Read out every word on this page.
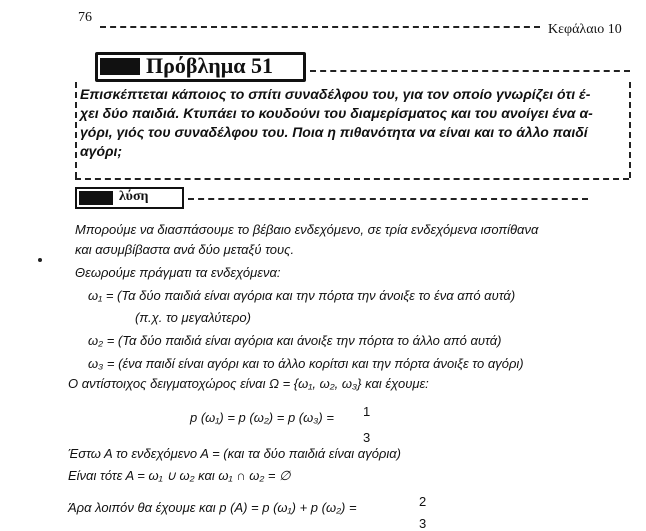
76
Κεφάλαιο 10
Πρόβλημα 51
Επισκέπτεται κάποιος το σπίτι συναδέλφου του, για τον οποίο γνωρίζει ότι έ-
χει δύο παιδιά. Κτυπάει το κουδούνι του διαμερίσματος και του ανοίγει ένα α-
γόρι, γιός του συναδέλφου του. Ποια η πιθανότητα να είναι και το άλλο παιδί
αγόρι;
λύση
Μπορούμε να διασπάσουμε το βέβαιο ενδεχόμενο, σε τρία ενδεχόμενα ισοπίθανα
και ασυμβίβαστα ανά δύο μεταξύ τους.
Θεωρούμε πράγματι τα ενδεχόμενα:
ω₁ = (Τα δύο παιδιά είναι αγόρια και την πόρτα την άνοιξε το ένα από αυτά)
(π.χ. το μεγαλύτερο)
ω₂ = (Τα δύο παιδιά είναι αγόρια και άνοιξε την πόρτα το άλλο από αυτά)
ω₃ = (ένα παιδί είναι αγόρι και το άλλο κορίτσι και την πόρτα άνοιξε το αγόρι)
Ο αντίστοιχος δειγματοχώρος είναι Ω = {ω₁, ω₂, ω₃} και έχουμε:
p (ω₁) = p (ω₂) = p (ω₃) = 1
3
Έστω Α το ενδεχόμενο Α = (και τα δύο παιδιά είναι αγόρια)
Είναι τότε Α = ω₁ ∪ ω₂ και ω₁ ∩ ω₂ = ∅
Άρα λοιπόν θα έχουμε και p (A) = p (ω₁) + p (ω₂) =	2
3
